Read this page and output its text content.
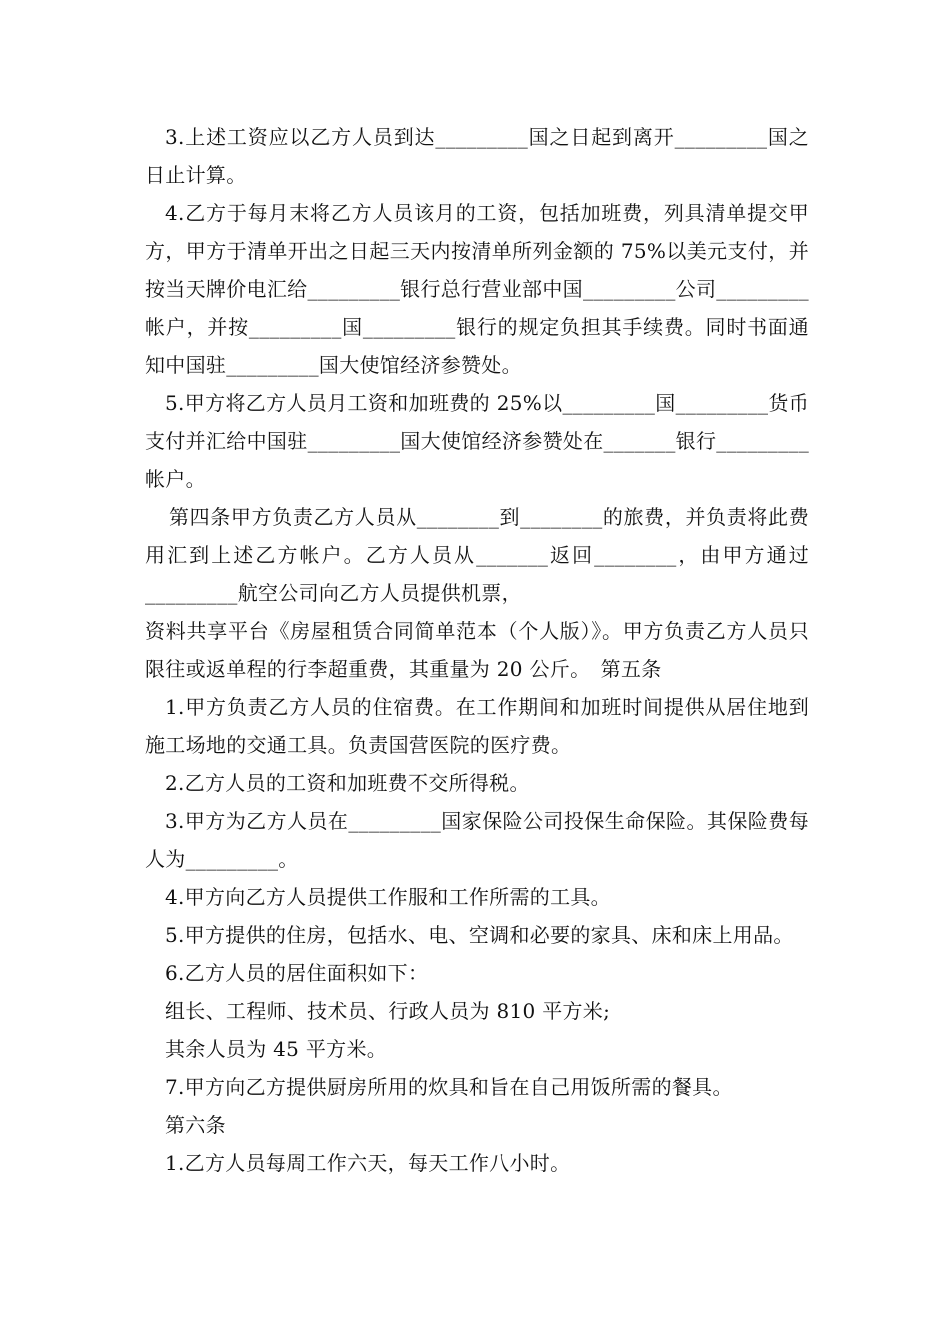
3.上述工资应以乙方人员到达_________国之日起到离开_________国之日止计算。

4.乙方于每月末将乙方人员该月的工资，包括加班费，列具清单提交甲方，甲方于清单开出之日起三天内按清单所列金额的 75%以美元支付，并按当天牌价电汇给_________银行总行营业部中国_________公司_________帐户，并按_________国_________银行的规定负担其手续费。同时书面通知中国驻_________国大使馆经济参赞处。

5.甲方将乙方人员月工资和加班费的 25%以_________国_________货币支付并汇给中国驻_________国大使馆经济参赞处在_______银行_________帐户。

第四条甲方负责乙方人员从________到________的旅费，并负责将此费用汇到上述乙方帐户。乙方人员从_______返回________，由甲方通过_________航空公司向乙方人员提供机票，

资料共享平台《房屋租赁合同简单范本（个人版）》。甲方负责乙方人员只限往或返单程的行李超重费，其重量为 20 公斤。　第五条

1.甲方负责乙方人员的住宿费。在工作期间和加班时间提供从居住地到施工场地的交通工具。负责国营医院的医疗费。

2.乙方人员的工资和加班费不交所得税。

3.甲方为乙方人员在_________国家保险公司投保生命保险。其保险费每人为_________。

4.甲方向乙方人员提供工作服和工作所需的工具。

5.甲方提供的住房，包括水、电、空调和必要的家具、床和床上用品。

6.乙方人员的居住面积如下：

组长、工程师、技术员、行政人员为 810 平方米;

其余人员为 45 平方米。

7.甲方向乙方提供厨房所用的炊具和旨在自己用饭所需的餐具。

第六条

1.乙方人员每周工作六天，每天工作八小时。
